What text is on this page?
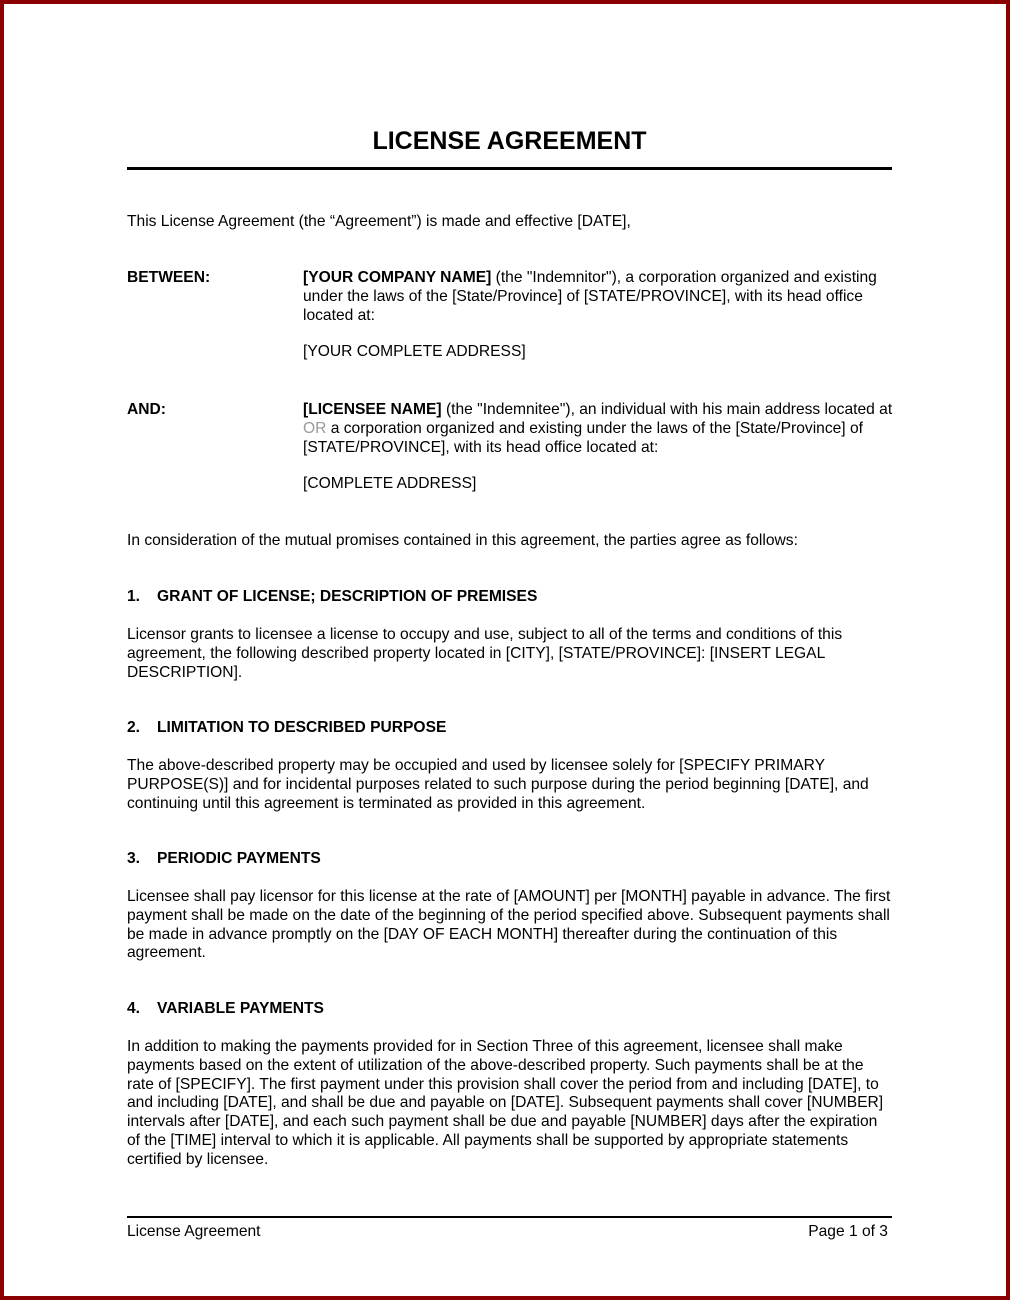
LICENSE AGREEMENT
This License Agreement (the “Agreement”) is made and effective [DATE],
BETWEEN:	[YOUR COMPANY NAME] (the "Indemnitor"), a corporation organized and existing under the laws of the [State/Province] of [STATE/PROVINCE], with its head office located at:

[YOUR COMPLETE ADDRESS]

AND:	[LICENSEE NAME] (the "Indemnitee"), an individual with his main address located at OR a corporation organized and existing under the laws of the [State/Province] of [STATE/PROVINCE], with its head office located at:

[COMPLETE ADDRESS]

In consideration of the mutual promises contained in this agreement, the parties agree as follows:
1. GRANT OF LICENSE; DESCRIPTION OF PREMISES
Licensor grants to licensee a license to occupy and use, subject to all of the terms and conditions of this agreement, the following described property located in [CITY], [STATE/PROVINCE]: [INSERT LEGAL DESCRIPTION].
2. LIMITATION TO DESCRIBED PURPOSE
The above-described property may be occupied and used by licensee solely for [SPECIFY PRIMARY PURPOSE(S)] and for incidental purposes related to such purpose during the period beginning [DATE], and continuing until this agreement is terminated as provided in this agreement.
3. PERIODIC PAYMENTS
Licensee shall pay licensor for this license at the rate of [AMOUNT] per [MONTH] payable in advance. The first payment shall be made on the date of the beginning of the period specified above. Subsequent payments shall be made in advance promptly on the [DAY OF EACH MONTH] thereafter during the continuation of this agreement.
4. VARIABLE PAYMENTS
In addition to making the payments provided for in Section Three of this agreement, licensee shall make payments based on the extent of utilization of the above-described property. Such payments shall be at the rate of [SPECIFY]. The first payment under this provision shall cover the period from and including [DATE], to and including [DATE], and shall be due and payable on [DATE]. Subsequent payments shall cover [NUMBER] intervals after [DATE], and each such payment shall be due and payable [NUMBER] days after the expiration of the [TIME] interval to which it is applicable. All payments shall be supported by appropriate statements certified by licensee.
License Agreement	Page 1 of 3
